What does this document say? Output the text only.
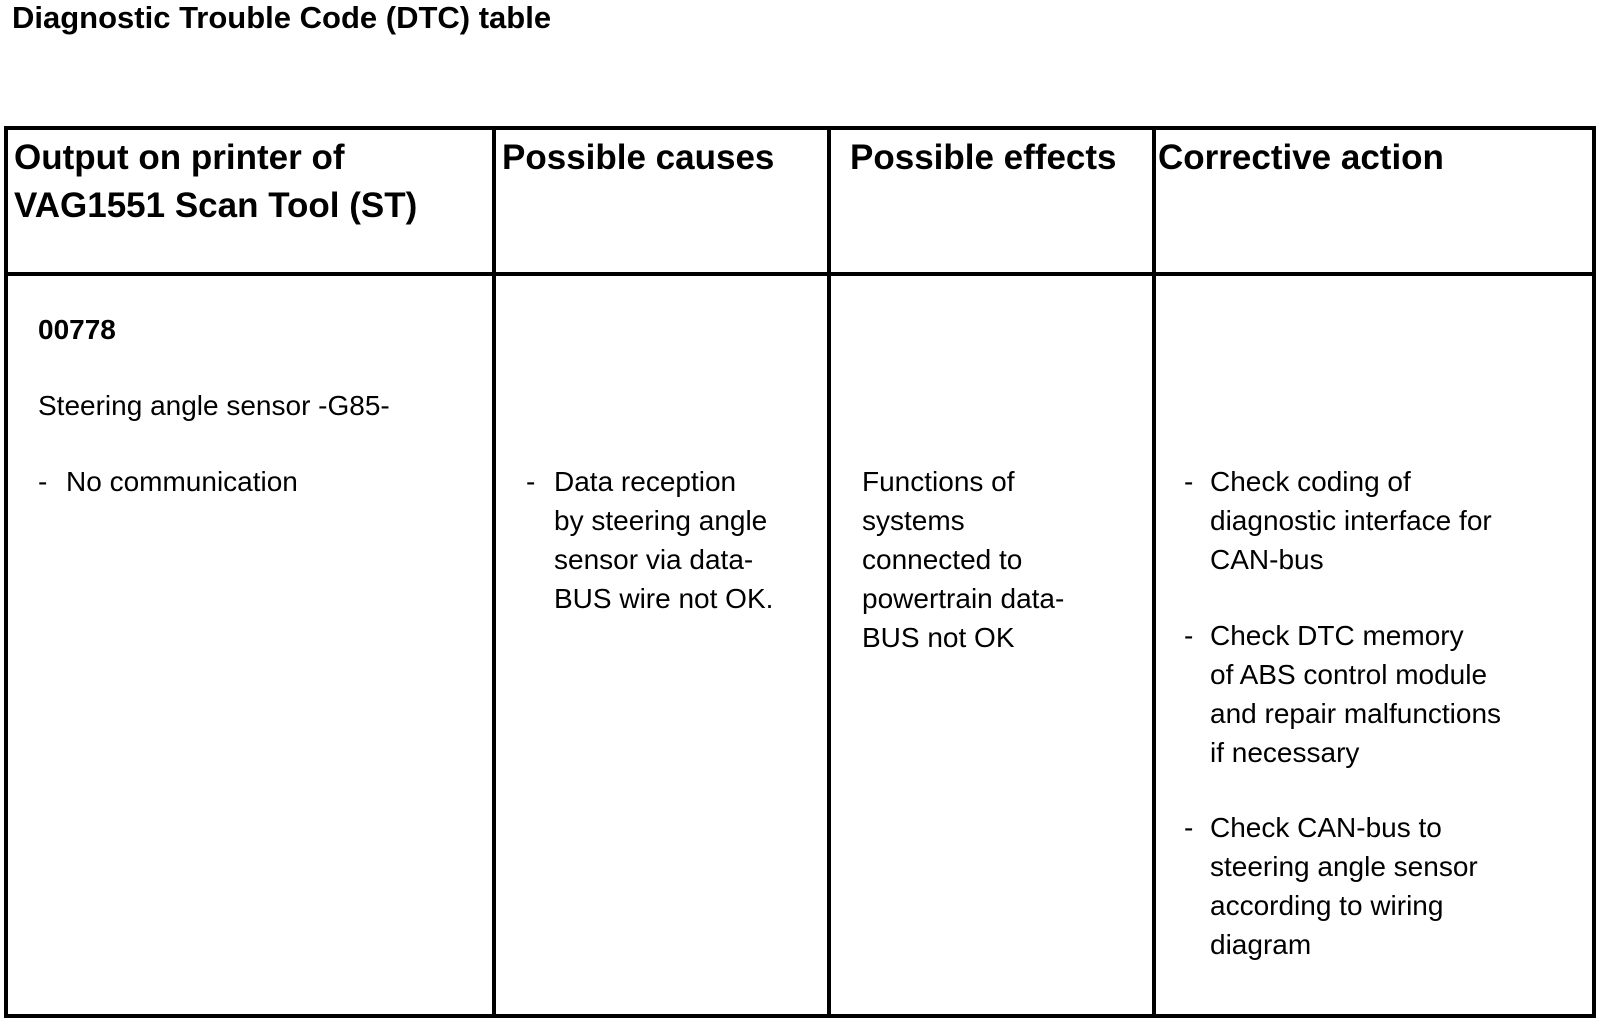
Diagnostic Trouble Code (DTC) table
Output on printer of
VAG1551 Scan Tool (ST)
Possible causes Possible effects Corrective action
00778
Steering angle sensor -G85-
- No communication	- Data reception
by steering angle
sensor via data-
BUS wire not OK.
Functions of
systems
connected to
powertrain data-
BUS not OK
- Check coding of
diagnostic interface for
CAN-bus
- Check DTC memory
of ABS control module
and repair malfunctions
if necessary
- Check CAN-bus to
steering angle sensor
according to wiring
diagram
